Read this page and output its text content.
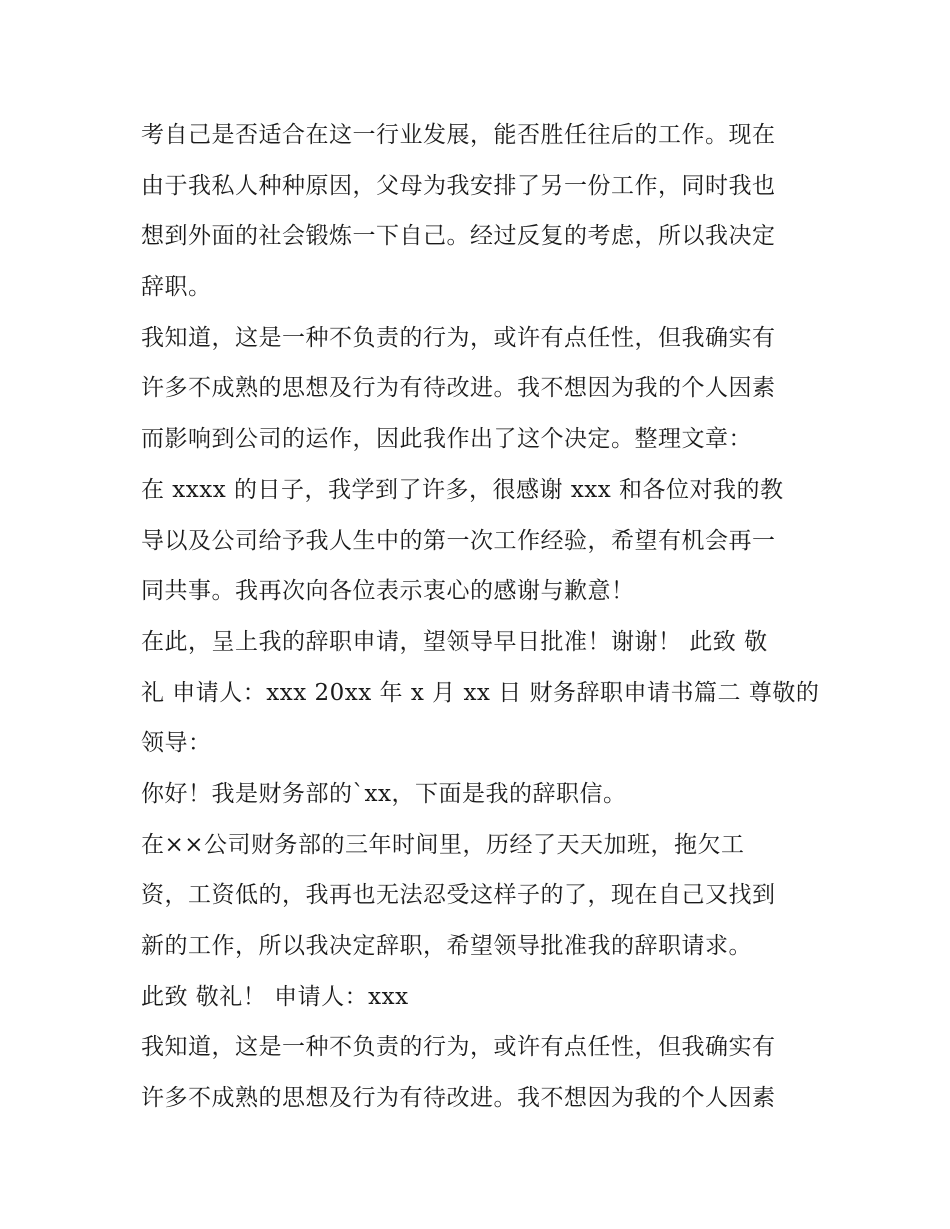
考自己是否适合在这一行业发展，能否胜任往后的工作。现在
由于我私人种种原因，父母为我安排了另一份工作，同时我也
想到外面的社会锻炼一下自己。经过反复的考虑，所以我决定
辞职。
我知道，这是一种不负责的行为，或许有点任性，但我确实有
许多不成熟的思想及行为有待改进。我不想因为我的个人因素
而影响到公司的运作，因此我作出了这个决定。整理文章：
在 xxxx 的日子，我学到了许多，很感谢 xxx 和各位对我的教
导以及公司给予我人生中的第一次工作经验，希望有机会再一
同共事。我再次向各位表示衷心的感谢与歉意！
在此，呈上我的辞职申请，望领导早日批准！谢谢！ 此致 敬
礼 申请人：xxx 20xx 年 x 月 xx 日 财务辞职申请书篇二 尊敬的
领导：
你好！我是财务部的`xx，下面是我的辞职信。
在××公司财务部的三年时间里，历经了天天加班，拖欠工
资，工资低的，我再也无法忍受这样子的了，现在自己又找到
新的工作，所以我决定辞职，希望领导批准我的辞职请求。
此致 敬礼！ 申请人：xxx
我知道，这是一种不负责的行为，或许有点任性，但我确实有
许多不成熟的思想及行为有待改进。我不想因为我的个人因素
